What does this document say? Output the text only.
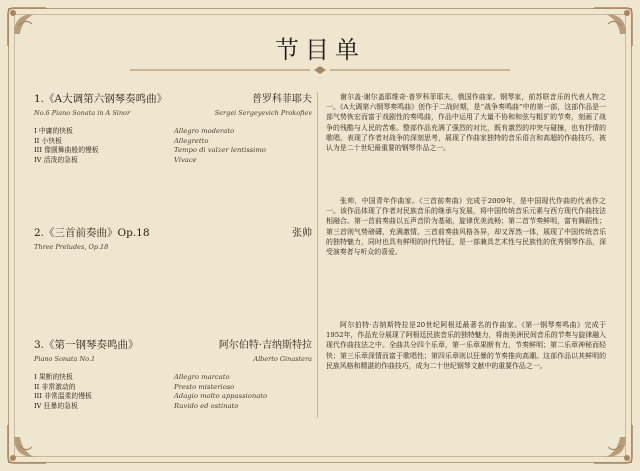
节目单
1.《A大调第六钢琴奏鸣曲》	普罗科菲耶夫
No.6 Piano Sonata in A Sinor	Sergei Sergeyevich Prokofiev
I 中庸的快板	Allegro moderato
II 小快板	Allegretto
III 像圆舞曲般的慢板	Tempo di valzer lentissimo
IV 活泼的急板	Vivace
2.《三首前奏曲》Op.18	张帅
Three Preludes, Op.18
3.《第一钢琴奏鸣曲》	阿尔伯特·吉纳斯特拉
Piano Sonata No.1	Alberto Ginastera
I 果断的快板	Allegro marcato
II 非常激动的	Presto misterioso
III 非常温柔的慢板	Adagio molto appassionato
IV 狂暴的急板	Ruvido ed ostinato
谢尔盖·谢尔盖耶维奇·普罗科菲耶夫，俄国作曲家、钢琴家，前苏联音乐的代表人物之一。《A大调第六钢琴奏鸣曲》创作于二战时期，是“战争奏鸣曲”中的第一部，这部作品是一部气势恢宏而富于戏剧性的奏鸣曲，作品中运用了大量不协和和弦与粗犷的节奏，刻画了战争的残酷与人民的苦难。整部作品充满了强烈的对比，既有激烈的冲突与碰撞，也有抒情的歌唱，表现了作者对战争的深刻思考，展现了作曲家独特的音乐语言和高超的作曲技巧，被认为是二十世纪最重要的钢琴作品之一。
张帅，中国青年作曲家。《三首前奏曲》完成于2009年，是中国现代作曲的代表作之一。该作品体现了作者对民族音乐的继承与发展，将中国传统音乐元素与西方现代作曲技法相融合。第一首前奏曲以五声音阶为基础，旋律优美流畅；第二首节奏鲜明，富有舞蹈性；第三首则气势磅礴，充满激情。三首前奏曲风格各异，却又浑然一体，展现了中国传统音乐的独特魅力，同时也具有鲜明的时代特征，是一部兼具艺术性与民族性的优秀钢琴作品，深受演奏者与听众的喜爱。
阿尔伯特·吉纳斯特拉是20世纪阿根廷最著名的作曲家。《第一钢琴奏鸣曲》完成于1952年，作品充分展现了阿根廷民族音乐的独特魅力，将南美洲民间音乐的节奏与旋律融入现代作曲技法之中。全曲共分四个乐章，第一乐章果断有力，节奏鲜明；第二乐章神秘而轻快；第三乐章深情而富于歌唱性；第四乐章则以狂暴的节奏推向高潮。这部作品以其鲜明的民族风格和精湛的作曲技巧，成为二十世纪钢琴文献中的重要作品之一。
